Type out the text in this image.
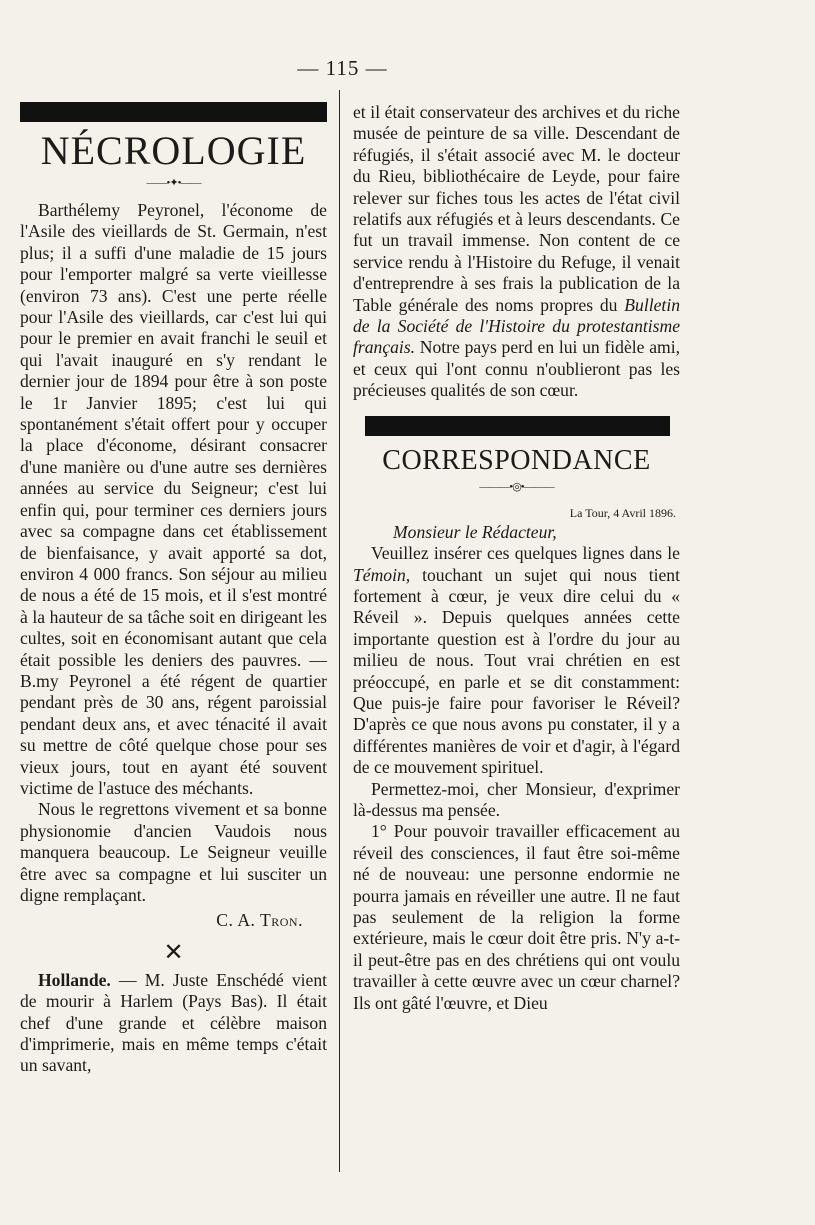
— 115 —
NÉCROLOGIE
——•✦•——

Barthélemy Peyronel, l'économe de l'Asile des vieillards de St. Germain, n'est plus; il a suffi d'une maladie de 15 jours pour l'emporter malgré sa verte vieillesse (environ 73 ans). C'est une perte réelle pour l'Asile des vieillards, car c'est lui qui pour le premier en avait franchi le seuil et qui l'avait inauguré en s'y rendant le dernier jour de 1894 pour être à son poste le 1r Janvier 1895; c'est lui qui spontanément s'était offert pour y occuper la place d'économe, désirant consacrer d'une manière ou d'une autre ses dernières années au service du Seigneur; c'est lui enfin qui, pour terminer ces derniers jours avec sa compagne dans cet établissement de bienfaisance, y avait apporté sa dot, environ 4 000 francs. Son séjour au milieu de nous a été de 15 mois, et il s'est montré à la hauteur de sa tâche soit en dirigeant les cultes, soit en économisant autant que cela était possible les deniers des pauvres. — B.my Peyronel a été régent de quartier pendant près de 30 ans, régent paroissial pendant deux ans, et avec ténacité il avait su mettre de côté quelque chose pour ses vieux jours, tout en ayant été souvent victime de l'astuce des méchants.

Nous le regrettons vivement et sa bonne physionomie d'ancien Vaudois nous manquera beaucoup. Le Seigneur veuille être avec sa compagne et lui susciter un digne remplaçant.

C. A. Tron.
✕

Hollande. — M. Juste Enschédé vient de mourir à Harlem (Pays Bas). Il était chef d'une grande et célèbre maison d'imprimerie, mais en même temps c'était un savant,

et il était conservateur des archives et du riche musée de peinture de sa ville. Descendant de réfugiés, il s'était associé avec M. le docteur du Rieu, bibliothécaire de Leyde, pour faire relever sur fiches tous les actes de l'état civil relatifs aux réfugiés et à leurs descendants. Ce fut un travail immense. Non content de ce service rendu à l'Histoire du Refuge, il venait d'entreprendre à ses frais la publication de la Table générale des noms propres du Bulletin de la Société de l'Histoire du protestantisme français. Notre pays perd en lui un fidèle ami, et ceux qui l'ont connu n'oublieront pas les précieuses qualités de son cœur.

CORRESPONDANCE
———•◎•———
La Tour, 4 Avril 1896.

Monsieur le Rédacteur,

Veuillez insérer ces quelques lignes dans le Témoin, touchant un sujet qui nous tient fortement à cœur, je veux dire celui du « Réveil ». Depuis quelques années cette importante question est à l'ordre du jour au milieu de nous. Tout vrai chrétien en est préoccupé, en parle et se dit constamment: Que puis-je faire pour favoriser le Réveil? D'après ce que nous avons pu constater, il y a différentes manières de voir et d'agir, à l'égard de ce mouvement spirituel.

Permettez-moi, cher Monsieur, d'exprimer là-dessus ma pensée.

1° Pour pouvoir travailler efficacement au réveil des consciences, il faut être soi-même né de nouveau: une personne endormie ne pourra jamais en réveiller une autre. Il ne faut pas seulement de la religion la forme extérieure, mais le cœur doit être pris. N'y a-t-il peut-être pas en des chrétiens qui ont voulu travailler à cette œuvre avec un cœur charnel? Ils ont gâté l'œuvre, et Dieu
